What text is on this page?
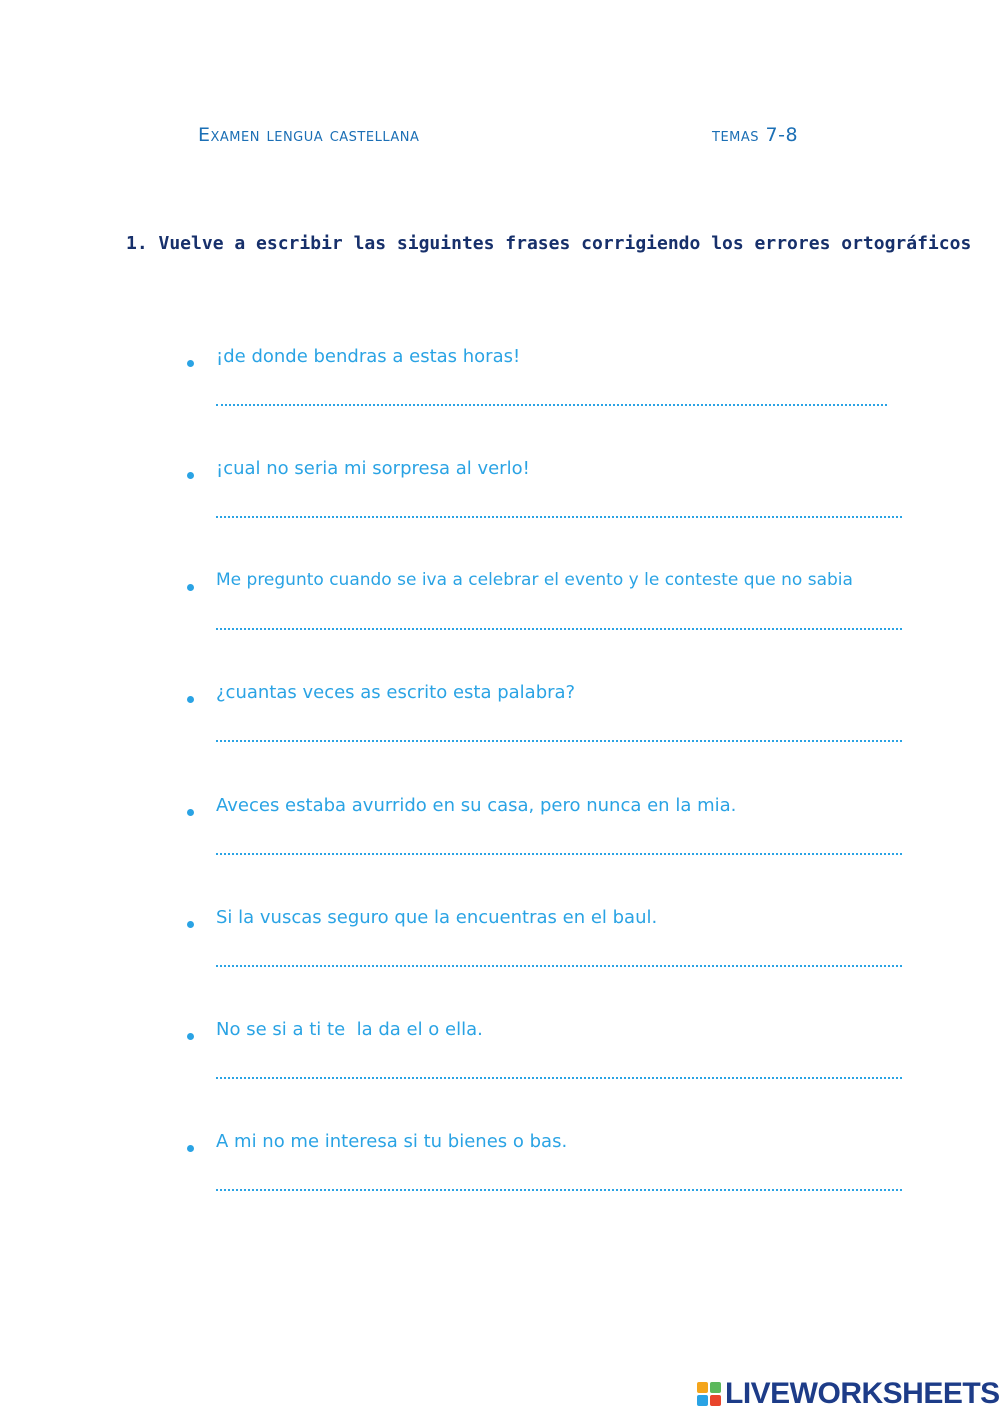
Examen lengua castellana	temas 7-8
1. Vuelve a escribir las siguintes frases corrigiendo los errores ortográficos
¡de donde bendras a estas horas!
¡cual no seria mi sorpresa al verlo!
Me pregunto cuando se iva a celebrar el evento y le conteste que no sabia
¿cuantas veces as escrito esta palabra?
Aveces estaba avurrido en su casa, pero nunca en la mia.
Si la vuscas seguro que la encuentras en el baul.
No se si a ti te  la da el o ella.
A mi no me interesa si tu bienes o bas.
LIVEWORKSHEETS
